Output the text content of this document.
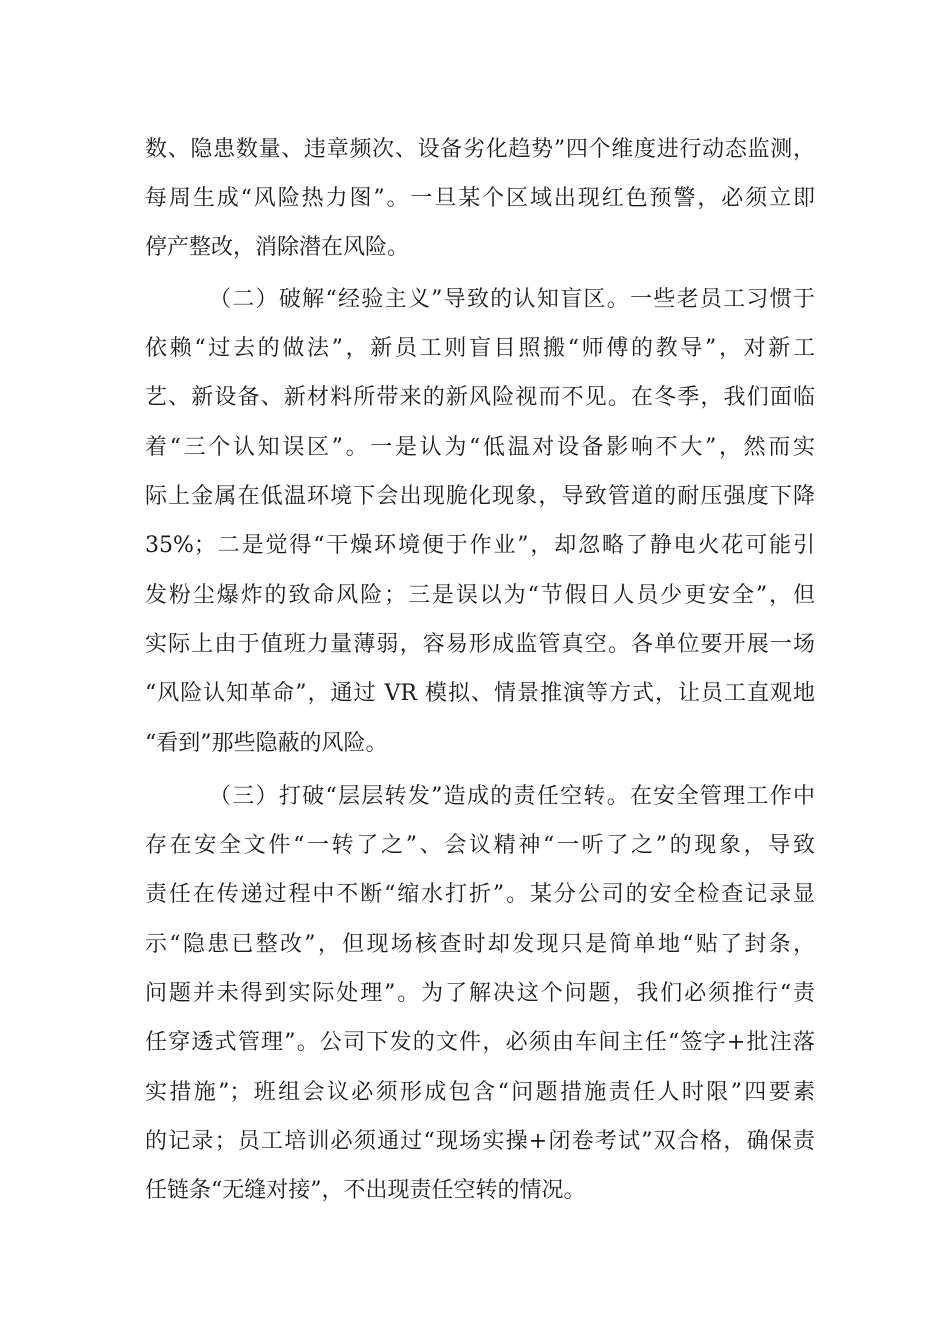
数、隐患数量、违章频次、设备劣化趋势”四个维度进行动态监测，
每周生成“风险热力图”。一旦某个区域出现红色预警，必须立即
停产整改，消除潜在风险。
（二）破解“经验主义”导致的认知盲区。一些老员工习惯于
依赖“过去的做法”，新员工则盲目照搬“师傅的教导”，对新工
艺、新设备、新材料所带来的新风险视而不见。在冬季，我们面临
着“三个认知误区”。一是认为“低温对设备影响不大”，然而实
际上金属在低温环境下会出现脆化现象，导致管道的耐压强度下降
35%；二是觉得“干燥环境便于作业”，却忽略了静电火花可能引
发粉尘爆炸的致命风险；三是误以为“节假日人员少更安全”，但
实际上由于值班力量薄弱，容易形成监管真空。各单位要开展一场
“风险认知革命”，通过 VR 模拟、情景推演等方式，让员工直观地
“看到”那些隐蔽的风险。
（三）打破“层层转发”造成的责任空转。在安全管理工作中
存在安全文件“一转了之”、会议精神“一听了之”的现象，导致
责任在传递过程中不断“缩水打折”。某分公司的安全检查记录显
示“隐患已整改”，但现场核查时却发现只是简单地“贴了封条，
问题并未得到实际处理”。为了解决这个问题，我们必须推行“责
任穿透式管理”。公司下发的文件，必须由车间主任“签字+批注落
实措施”；班组会议必须形成包含“问题措施责任人时限”四要素
的记录；员工培训必须通过“现场实操+闭卷考试”双合格，确保责
任链条“无缝对接”，不出现责任空转的情况。
